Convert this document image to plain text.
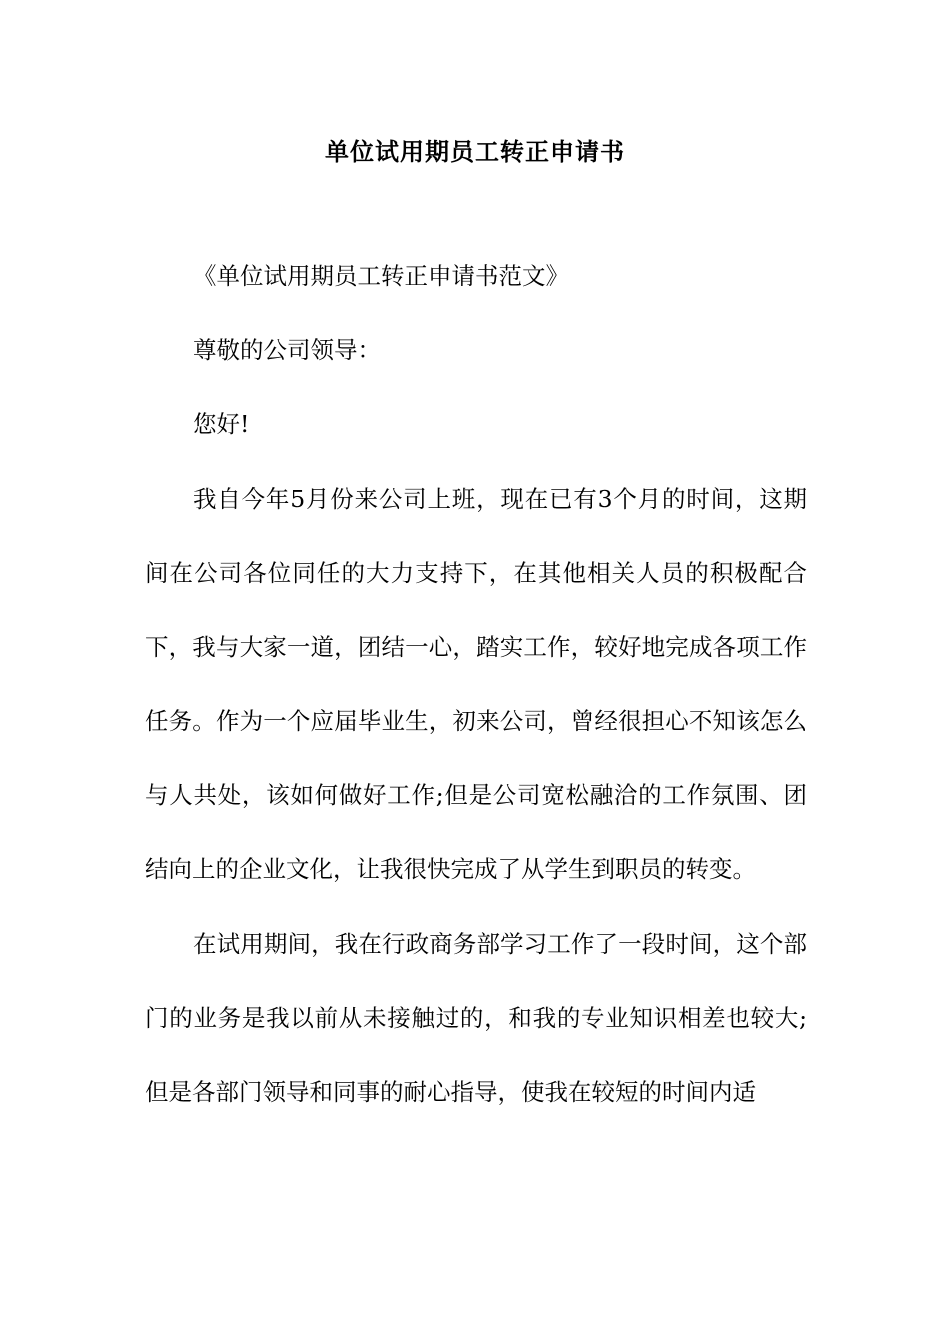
单位试用期员工转正申请书

《单位试用期员工转正申请书范文》

尊敬的公司领导：

您好!

我自今年5月份来公司上班，现在已有3个月的时间，这期间在公司各位同任的大力支持下，在其他相关人员的积极配合下，我与大家一道，团结一心，踏实工作，较好地完成各项工作任务。作为一个应届毕业生，初来公司，曾经很担心不知该怎么与人共处，该如何做好工作;但是公司宽松融洽的工作氛围、团结向上的企业文化，让我很快完成了从学生到职员的转变。

在试用期间，我在行政商务部学习工作了一段时间，这个部门的业务是我以前从未接触过的，和我的专业知识相差也较大;但是各部门领导和同事的耐心指导，使我在较短的时间内适
